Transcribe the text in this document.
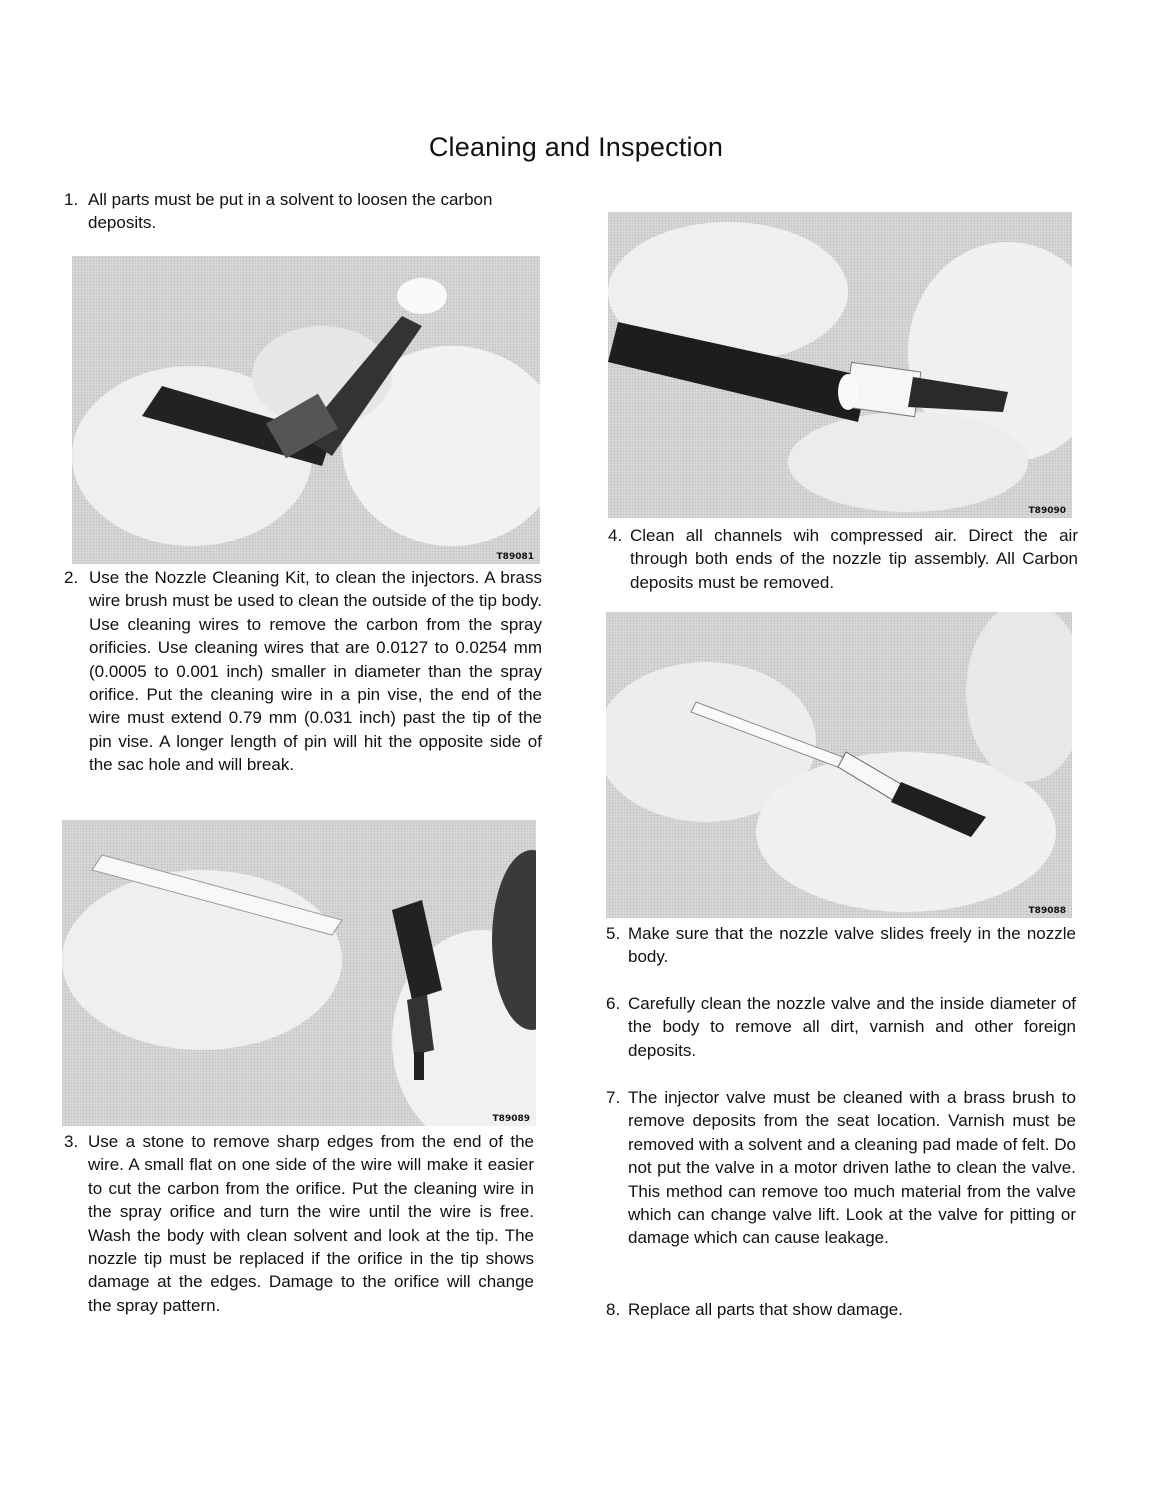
Cleaning and Inspection
1. All parts must be put in a solvent to loosen the carbon deposits.
T89081
2. Use the Nozzle Cleaning Kit, to clean the injectors. A brass wire brush must be used to clean the outside of the tip body. Use cleaning wires to remove the carbon from the spray orificies. Use cleaning wires that are 0.0127 to 0.0254 mm (0.0005 to 0.001 inch) smaller in diameter than the spray orifice. Put the cleaning wire in a pin vise, the end of the wire must extend 0.79 mm (0.031 inch) past the tip of the pin vise. A longer length of pin will hit the opposite side of the sac hole and will break.
T89089
3. Use a stone to remove sharp edges from the end of the wire. A small flat on one side of the wire will make it easier to cut the carbon from the orifice. Put the cleaning wire in the spray orifice and turn the wire until the wire is free. Wash the body with clean solvent and look at the tip. The nozzle tip must be replaced if the orifice in the tip shows damage at the edges. Damage to the orifice will change the spray pattern.
T89090
4. Clean all channels wih compressed air. Direct the air through both ends of the nozzle tip assembly. All Carbon deposits must be removed.
T89088
5. Make sure that the nozzle valve slides freely in the nozzle body.
6. Carefully clean the nozzle valve and the inside diameter of the body to remove all dirt, varnish and other foreign deposits.
7. The injector valve must be cleaned with a brass brush to remove deposits from the seat location. Varnish must be removed with a solvent and a cleaning pad made of felt. Do not put the valve in a motor driven lathe to clean the valve. This method can remove too much material from the valve which can change valve lift. Look at the valve for pitting or damage which can cause leakage.
8. Replace all parts that show damage.
